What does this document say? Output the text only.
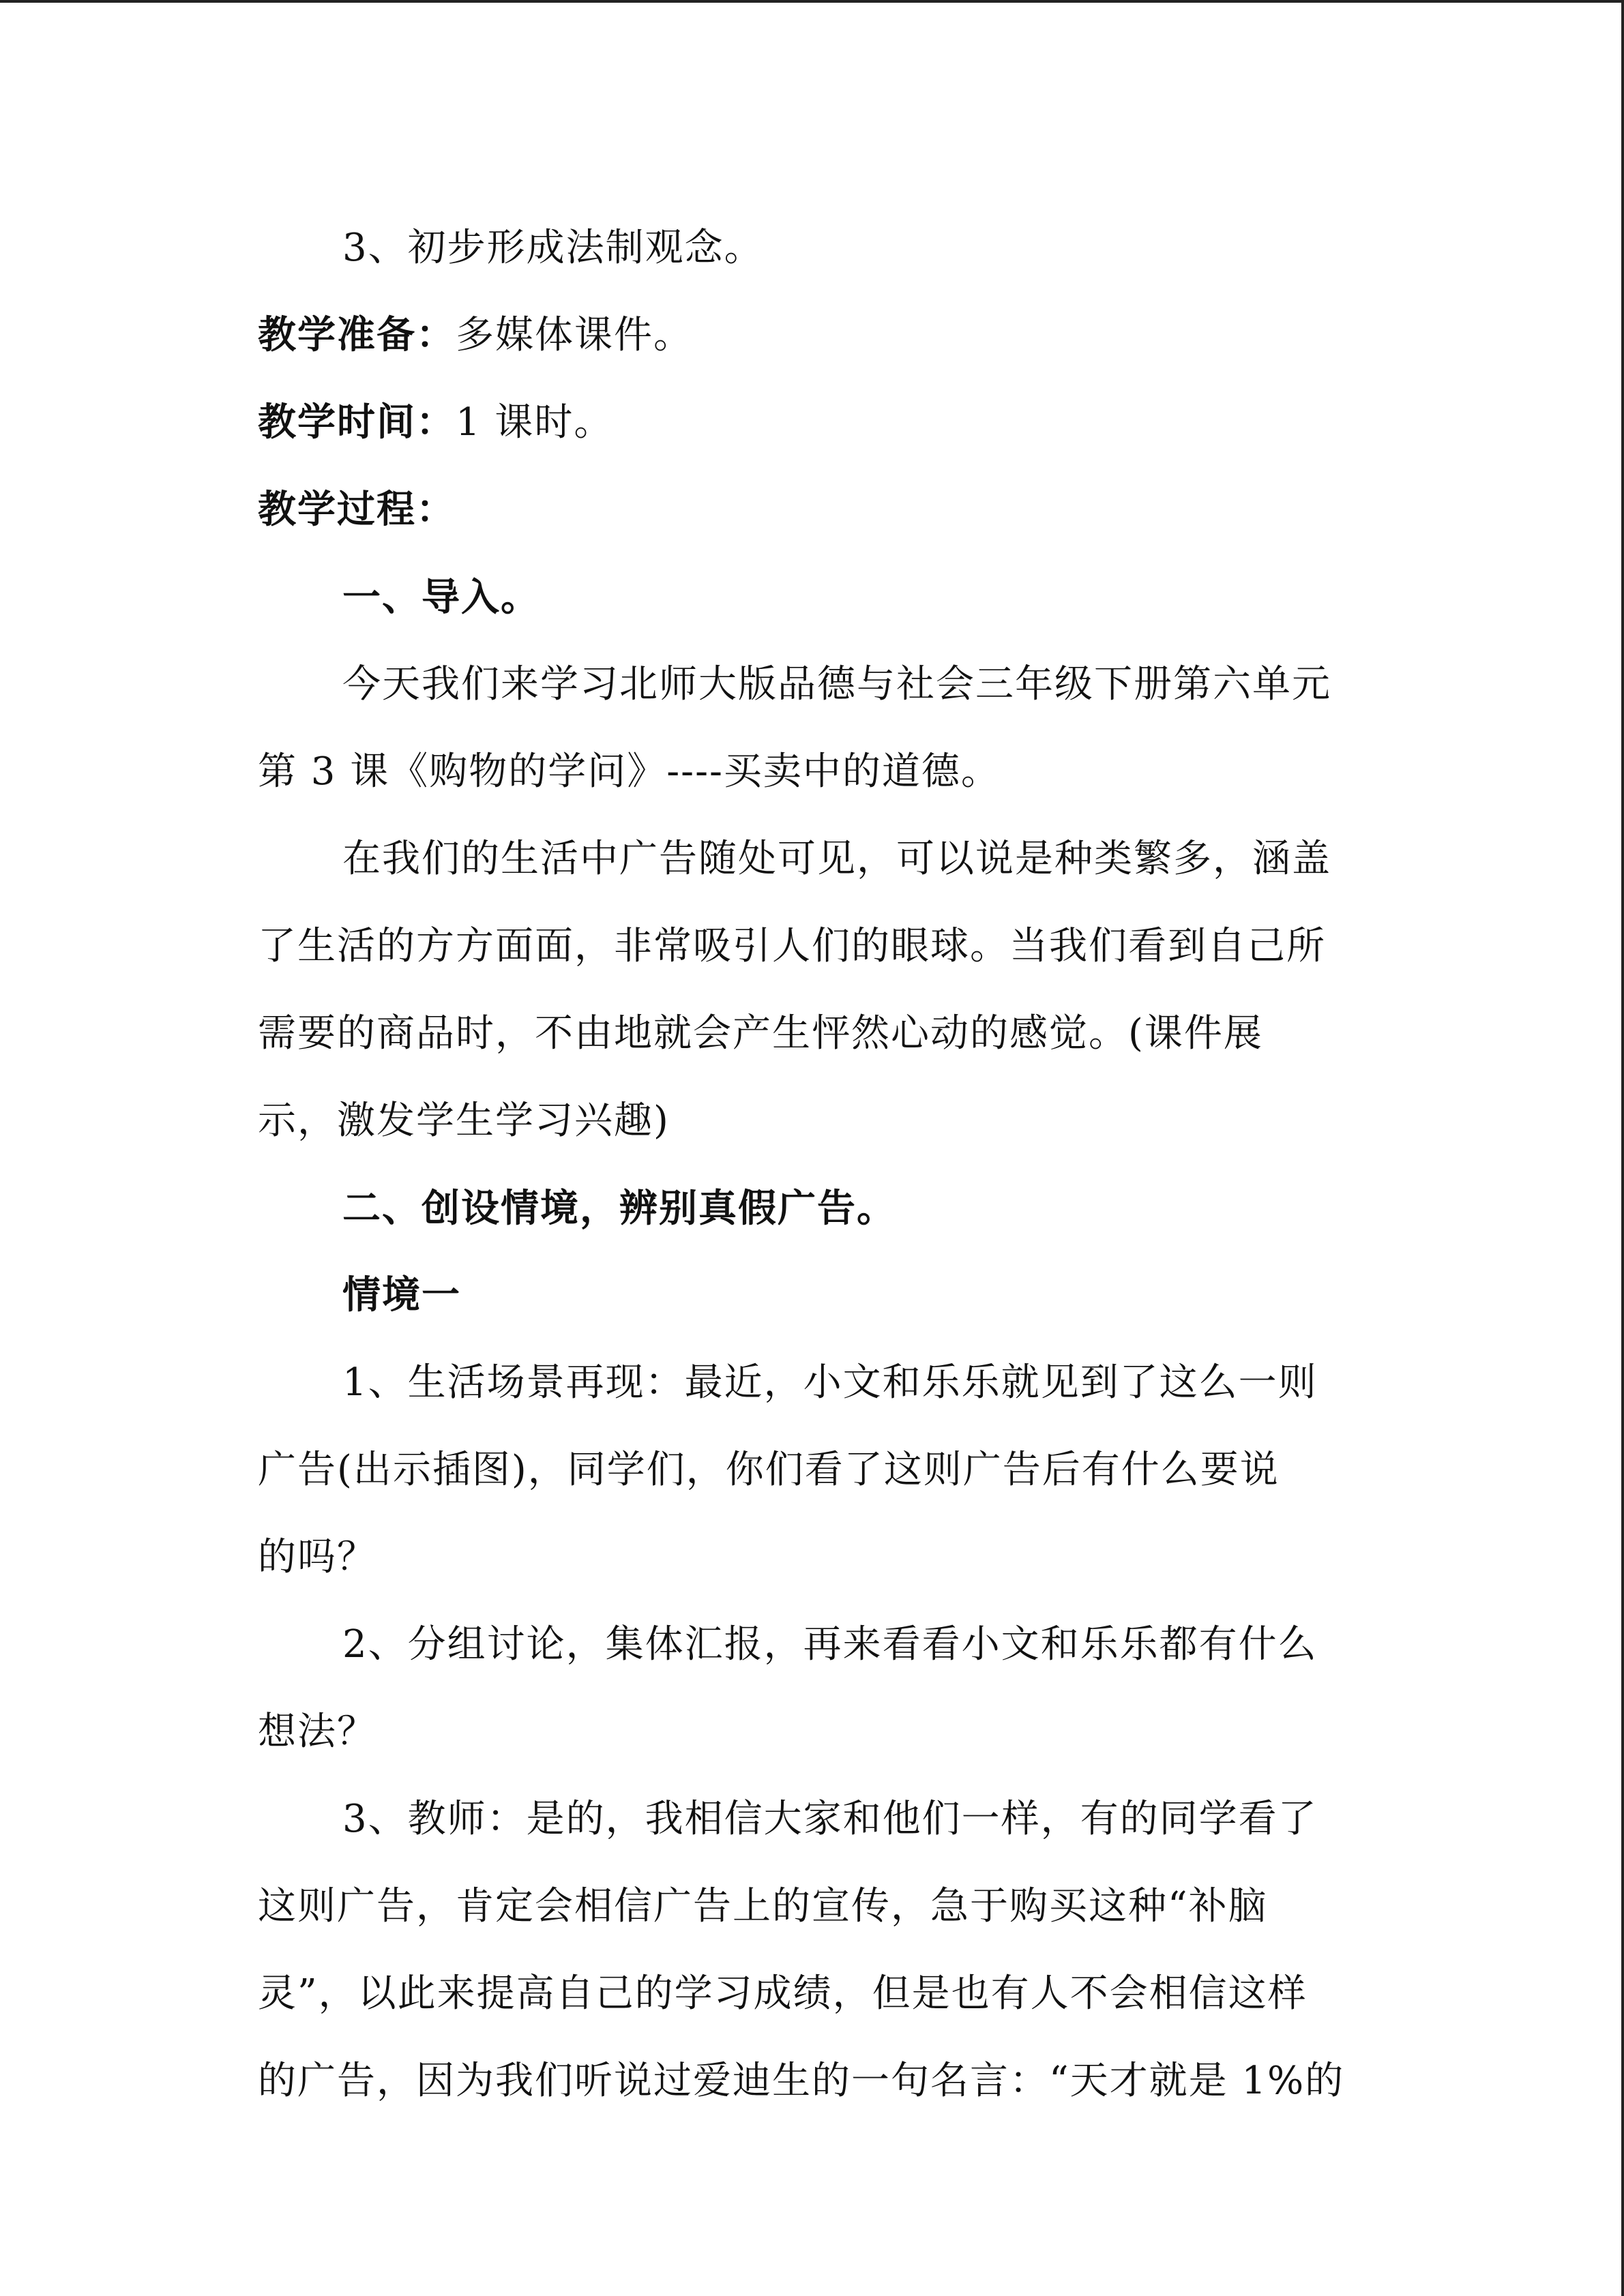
3、初步形成法制观念。
教学准备：多媒体课件。
教学时间：1 课时。
教学过程：
一、导入。
今天我们来学习北师大版品德与社会三年级下册第六单元
第 3 课《购物的学问》----买卖中的道德。
在我们的生活中广告随处可见，可以说是种类繁多，涵盖
了生活的方方面面，非常吸引人们的眼球。当我们看到自己所
需要的商品时，不由地就会产生怦然心动的感觉。(课件展
示，激发学生学习兴趣)
二、创设情境，辨别真假广告。
情境一
1、生活场景再现：最近，小文和乐乐就见到了这么一则
广告(出示插图)，同学们，你们看了这则广告后有什么要说
的吗？
2、分组讨论，集体汇报，再来看看小文和乐乐都有什么
想法？
3、教师：是的，我相信大家和他们一样，有的同学看了
这则广告，肯定会相信广告上的宣传，急于购买这种“补脑
灵”，以此来提高自己的学习成绩，但是也有人不会相信这样
的广告，因为我们听说过爱迪生的一句名言：“天才就是 1%的
